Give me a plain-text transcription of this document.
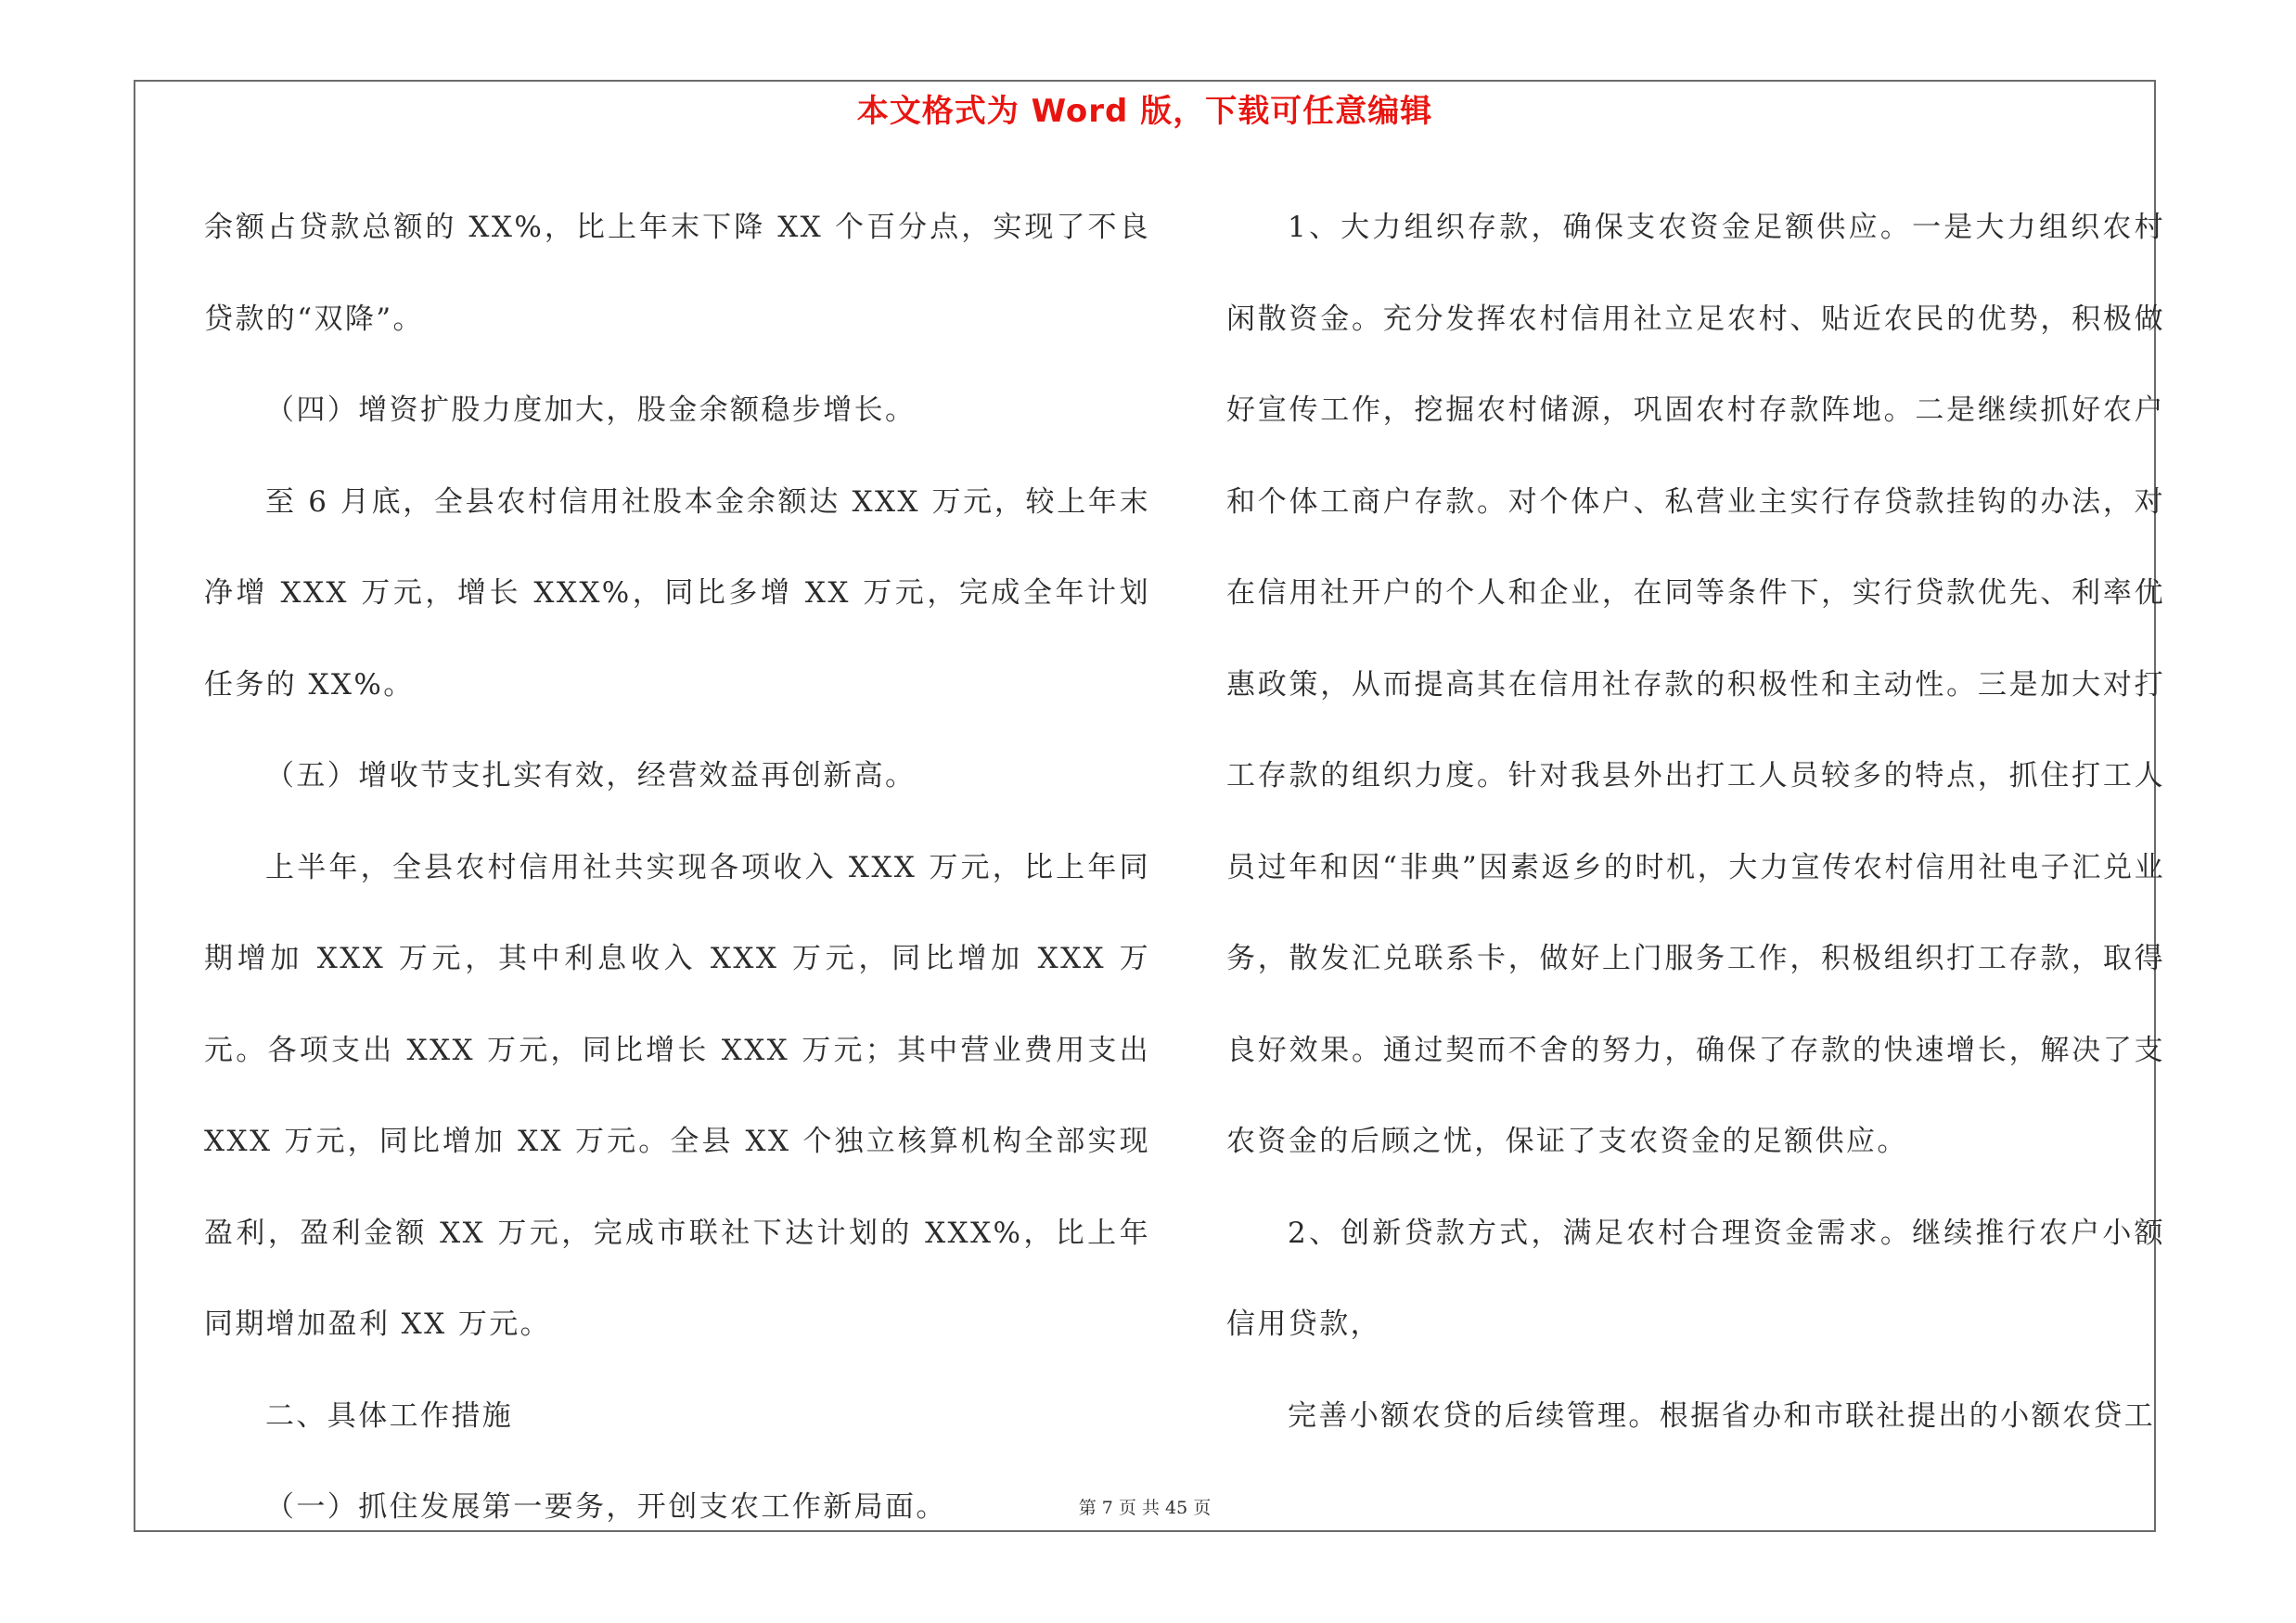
本文格式为 Word 版，下载可任意编辑

余额占贷款总额的 XX%，比上年末下降 XX 个百分点，实现了不良贷款的“双降”。

（四）增资扩股力度加大，股金余额稳步增长。

至 6 月底，全县农村信用社股本金余额达 XXX 万元，较上年末净增 XXX 万元，增长 XXX%，同比多增 XX 万元，完成全年计划任务的 XX%。

（五）增收节支扎实有效，经营效益再创新高。

上半年，全县农村信用社共实现各项收入 XXX 万元，比上年同期增加 XXX 万元，其中利息收入 XXX 万元，同比增加 XXX 万元。各项支出 XXX 万元，同比增长 XXX 万元；其中营业费用支出 XXX 万元，同比增加 XX 万元。全县 XX 个独立核算机构全部实现盈利，盈利金额 XX 万元，完成市联社下达计划的 XXX%，比上年同期增加盈利 XX 万元。

二、具体工作措施

（一）抓住发展第一要务，开创支农工作新局面。

1、大力组织存款，确保支农资金足额供应。一是大力组织农村闲散资金。充分发挥农村信用社立足农村、贴近农民的优势，积极做好宣传工作，挖掘农村储源，巩固农村存款阵地。二是继续抓好农户和个体工商户存款。对个体户、私营业主实行存贷款挂钩的办法，对在信用社开户的个人和企业，在同等条件下，实行贷款优先、利率优惠政策，从而提高其在信用社存款的积极性和主动性。三是加大对打工存款的组织力度。针对我县外出打工人员较多的特点，抓住打工人员过年和因“非典”因素返乡的时机，大力宣传农村信用社电子汇兑业务，散发汇兑联系卡，做好上门服务工作，积极组织打工存款，取得良好效果。通过契而不舍的努力，确保了存款的快速增长，解决了支农资金的后顾之忧，保证了支农资金的足额供应。

2、创新贷款方式，满足农村合理资金需求。继续推行农户小额信用贷款，

完善小额农贷的后续管理。根据省办和市联社提出的小额农贷工

第 7 页 共 45 页
